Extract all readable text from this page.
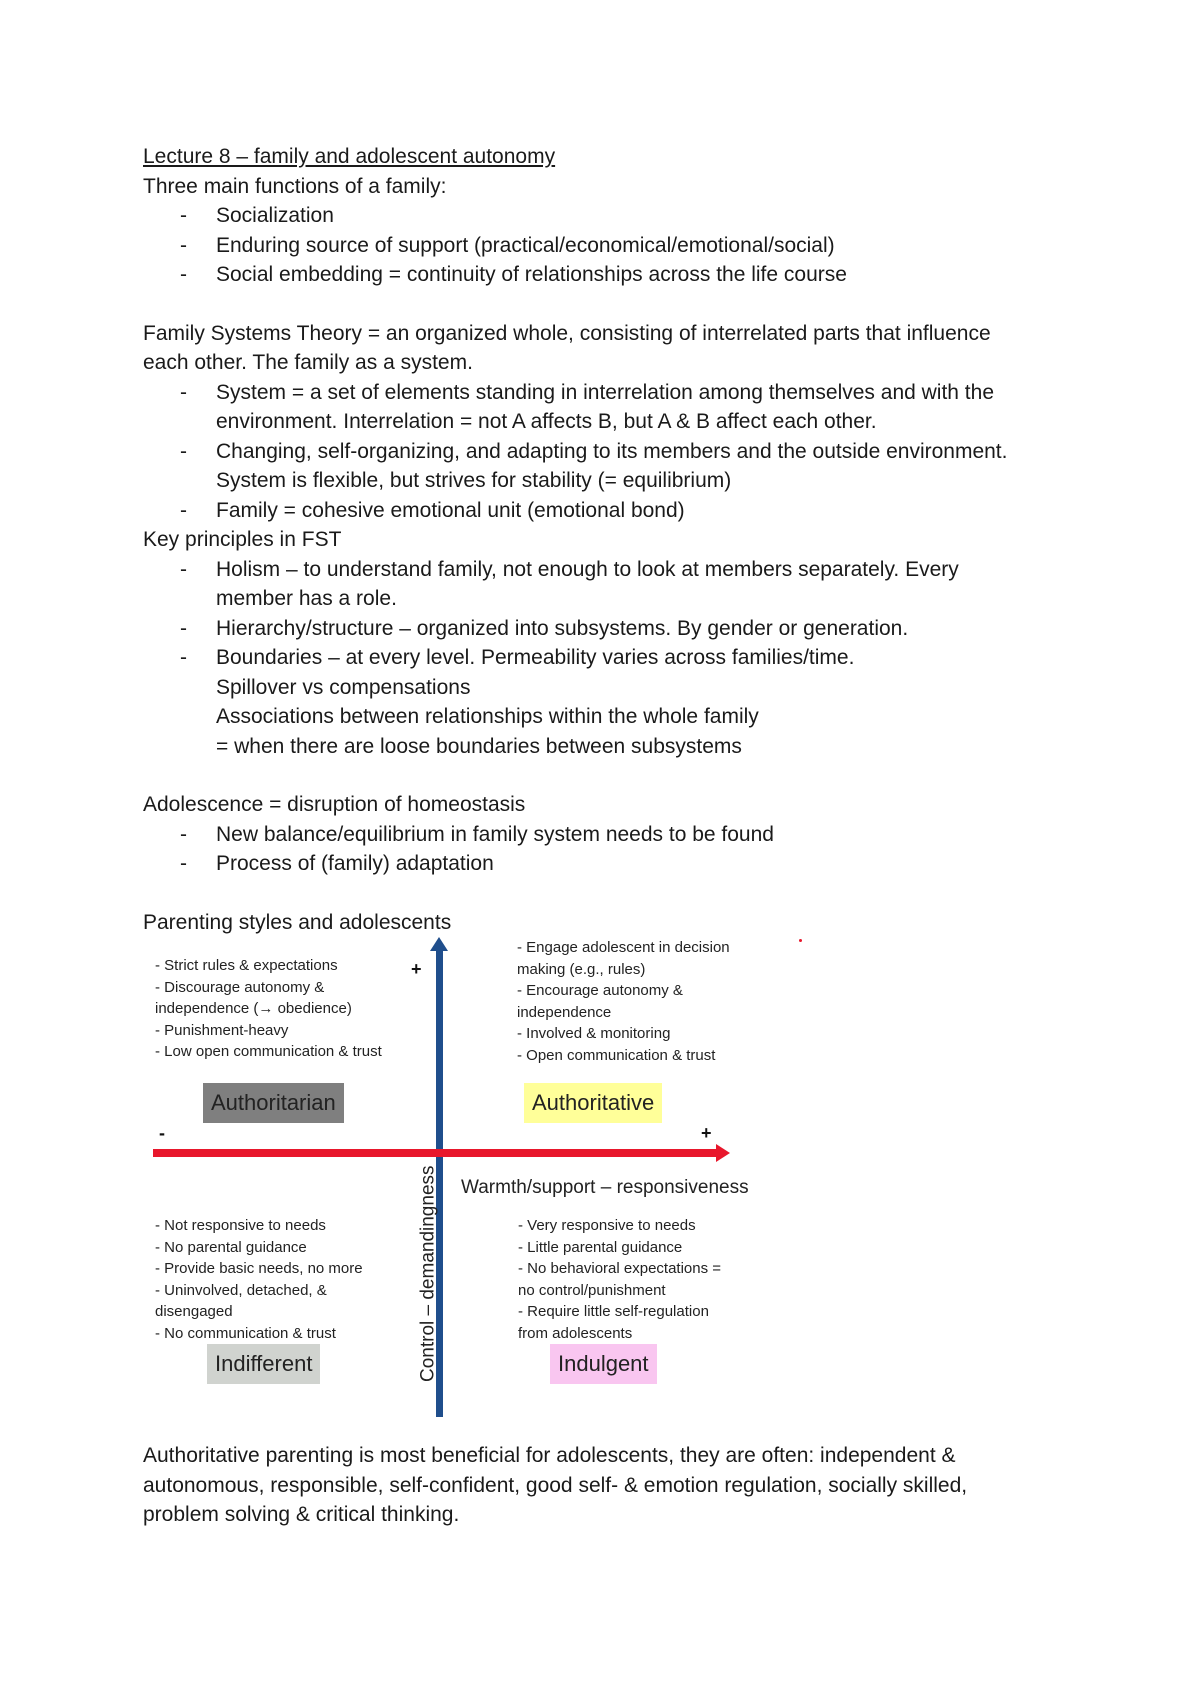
Lecture 8 – family and adolescent autonomy
Three main functions of a family:
- Socialization
- Enduring source of support (practical/economical/emotional/social)
- Social embedding = continuity of relationships across the life course
Family Systems Theory = an organized whole, consisting of interrelated parts that influence
each other. The family as a system.
- System = a set of elements standing in interrelation among themselves and with the
environment. Interrelation = not A affects B, but A & B affect each other.
- Changing, self-organizing, and adapting to its members and the outside environment.
System is flexible, but strives for stability (= equilibrium)
- Family = cohesive emotional unit (emotional bond)
Key principles in FST
- Holism – to understand family, not enough to look at members separately. Every
member has a role.
- Hierarchy/structure – organized into subsystems. By gender or generation.
- Boundaries – at every level. Permeability varies across families/time.
Spillover vs compensations
Associations between relationships within the whole family
= when there are loose boundaries between subsystems
Adolescence = disruption of homeostasis
- New balance/equilibrium in family system needs to be found
- Process of (family) adaptation
Parenting styles and adolescents
- Strict rules & expectations
- Discourage autonomy &
independence (→ obedience)
- Punishment-heavy
- Low open communication & trust
Authoritarian
- Engage adolescent in decision
making (e.g., rules)
- Encourage autonomy &
independence
- Involved & monitoring
- Open communication & trust
Authoritative
+
-	+
Warmth/support – responsiveness
Control – demandingness
- Not responsive to needs
- No parental guidance
- Provide basic needs, no more
- Uninvolved, detached, &
disengaged
- No communication & trust
Indifferent
- Very responsive to needs
- Little parental guidance
- No behavioral expectations =
no control/punishment
- Require little self-regulation
from adolescents
Indulgent
Authoritative parenting is most beneficial for adolescents, they are often: independent &
autonomous, responsible, self-confident, good self- & emotion regulation, socially skilled,
problem solving & critical thinking.
